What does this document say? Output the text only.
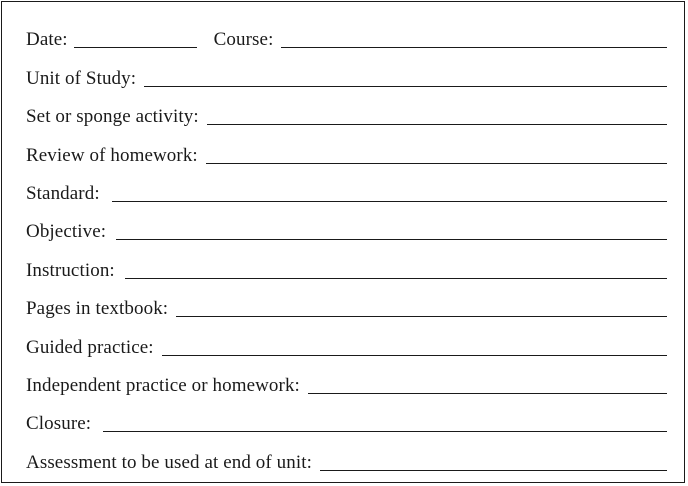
Date:	Course:
Unit of Study:
Set or sponge activity:
Review of homework:
Standard:
Objective:
Instruction:
Pages in textbook:
Guided practice:
Independent practice or homework:
Closure:
Assessment to be used at end of unit:
